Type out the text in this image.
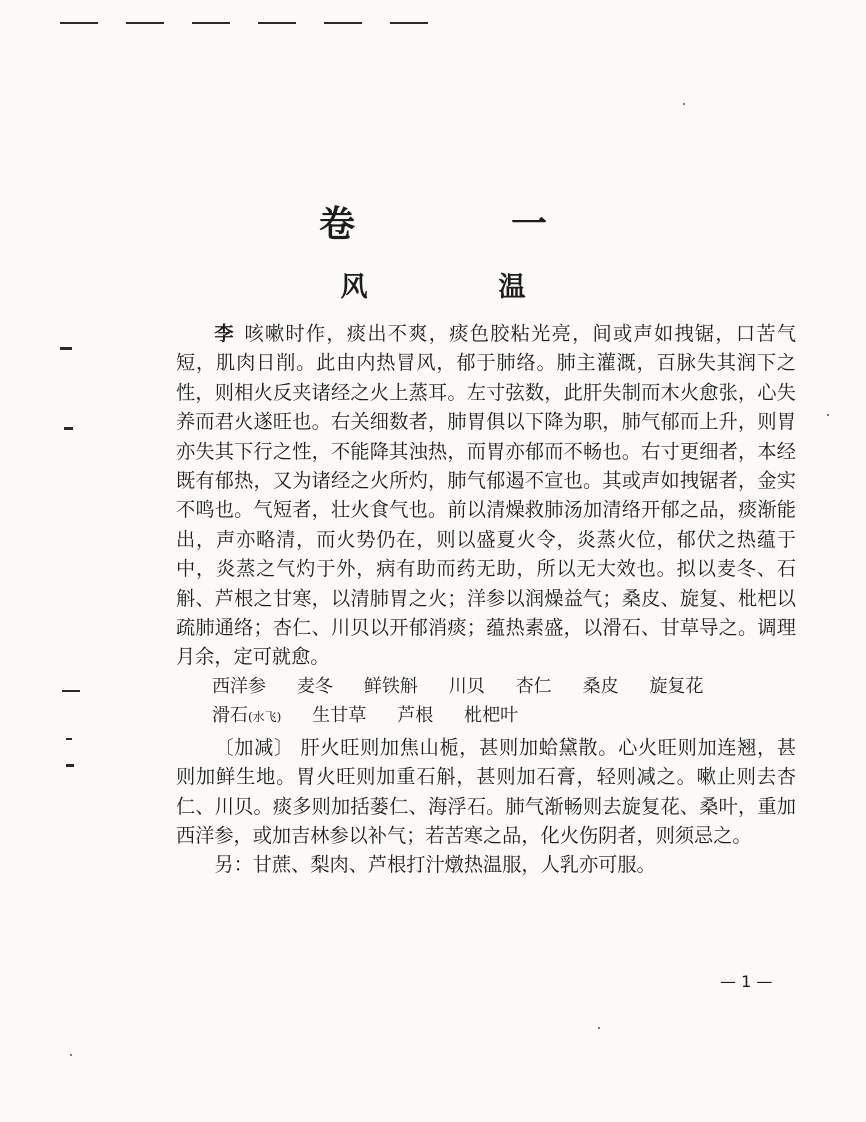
卷　一
风　温

李 咳嗽时作，痰出不爽，痰色胶粘光亮，间或声如拽锯，口苦气短，肌肉日削。此由内热冒风，郁于肺络。肺主灌溉，百脉失其润下之性，则相火反夹诸经之火上蒸耳。左寸弦数，此肝失制而木火愈张，心失养而君火遂旺也。右关细数者，肺胃俱以下降为职，肺气郁而上升，则胃亦失其下行之性，不能降其浊热，而胃亦郁而不畅也。右寸更细者，本经既有郁热，又为诸经之火所灼，肺气郁遏不宣也。其或声如拽锯者，金实不鸣也。气短者，壮火食气也。前以清燥救肺汤加清络开郁之品，痰渐能出，声亦略清，而火势仍在，则以盛夏火令，炎蒸火位，郁伏之热蕴于中，炎蒸之气灼于外，病有助而药无助，所以无大效也。拟以麦冬、石斛、芦根之甘寒，以清肺胃之火；洋参以润燥益气；桑皮、旋复、枇杷以疏肺通络；杏仁、川贝以开郁消痰；蕴热素盛，以滑石、甘草导之。调理月余，定可就愈。

西洋参 麦冬 鲜铁斛 川贝 杏仁 桑皮 旋复花
滑石(水飞) 生甘草 芦根 枇杷叶

〔加减〕 肝火旺则加焦山栀，甚则加蛤黛散。心火旺则加连翘，甚则加鲜生地。胃火旺则加重石斛，甚则加石膏，轻则减之。嗽止则去杏仁、川贝。痰多则加括蒌仁、海浮石。肺气渐畅则去旋复花、桑叶，重加西洋参，或加吉林参以补气；若苦寒之品，化火伤阴者，则须忌之。

另：甘蔗、梨肉、芦根打汁燉热温服，人乳亦可服。

— 1 —
